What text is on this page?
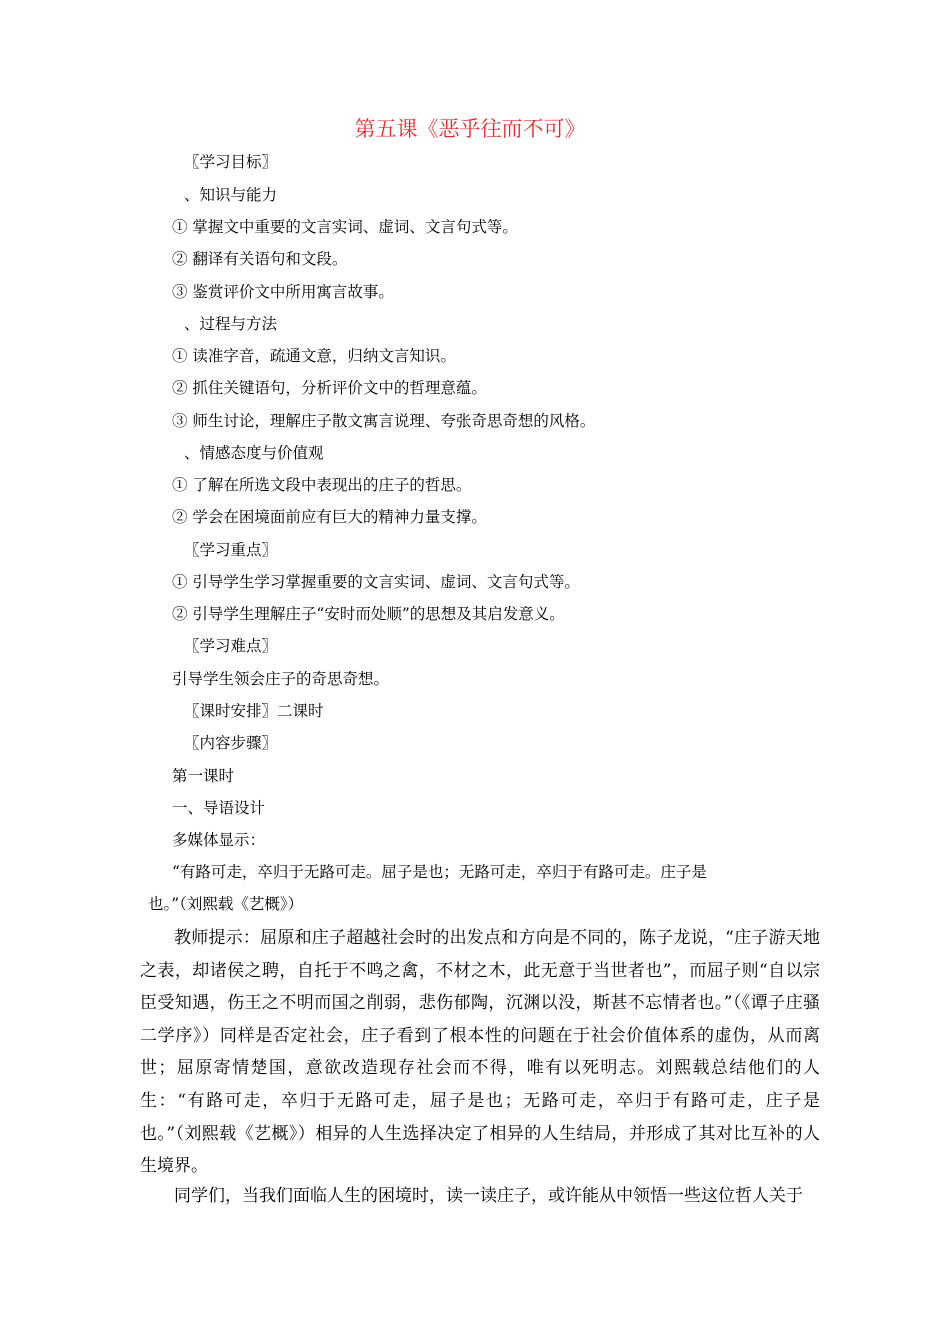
第五课《恶乎往而不可》

〖学习目标〗

、知识与能力

① 掌握文中重要的文言实词、虚词、文言句式等。

② 翻译有关语句和文段。

③ 鉴赏评价文中所用寓言故事。

、过程与方法

① 读准字音，疏通文意，归纳文言知识。

② 抓住关键语句，分析评价文中的哲理意蕴。

③ 师生讨论，理解庄子散文寓言说理、夸张奇思奇想的风格。

、情感态度与价值观

① 了解在所选文段中表现出的庄子的哲思。

② 学会在困境面前应有巨大的精神力量支撑。

〖学习重点〗

① 引导学生学习掌握重要的文言实词、虚词、文言句式等。

② 引导学生理解庄子“安时而处顺”的思想及其启发意义。

〖学习难点〗

引导学生领会庄子的奇思奇想。

〖课时安排〗二课时

〖内容步骤〗

第一课时

一、导语设计

多媒体显示：

“有路可走，卒归于无路可走。屈子是也；无路可走，卒归于有路可走。庄子是

也。”（刘熙载《艺概》）

教师提示：屈原和庄子超越社会时的出发点和方向是不同的，陈子龙说，“庄子游天地之表，却诸侯之聘，自托于不鸣之禽，不材之木，此无意于当世者也”，而屈子则“自以宗臣受知遇，伤王之不明而国之削弱，悲伤郁陶，沉渊以没，斯甚不忘情者也。”（《谭子庄骚二学序》）同样是否定社会，庄子看到了根本性的问题在于社会价值体系的虚伪，从而离世；屈原寄情楚国，意欲改造现存社会而不得，唯有以死明志。刘熙载总结他们的人生：“有路可走，卒归于无路可走，屈子是也；无路可走，卒归于有路可走，庄子是也。”（刘熙载《艺概》）相异的人生选择决定了相异的人生结局，并形成了其对比互补的人生境界。

同学们，当我们面临人生的困境时，读一读庄子，或许能从中领悟一些这位哲人关于
